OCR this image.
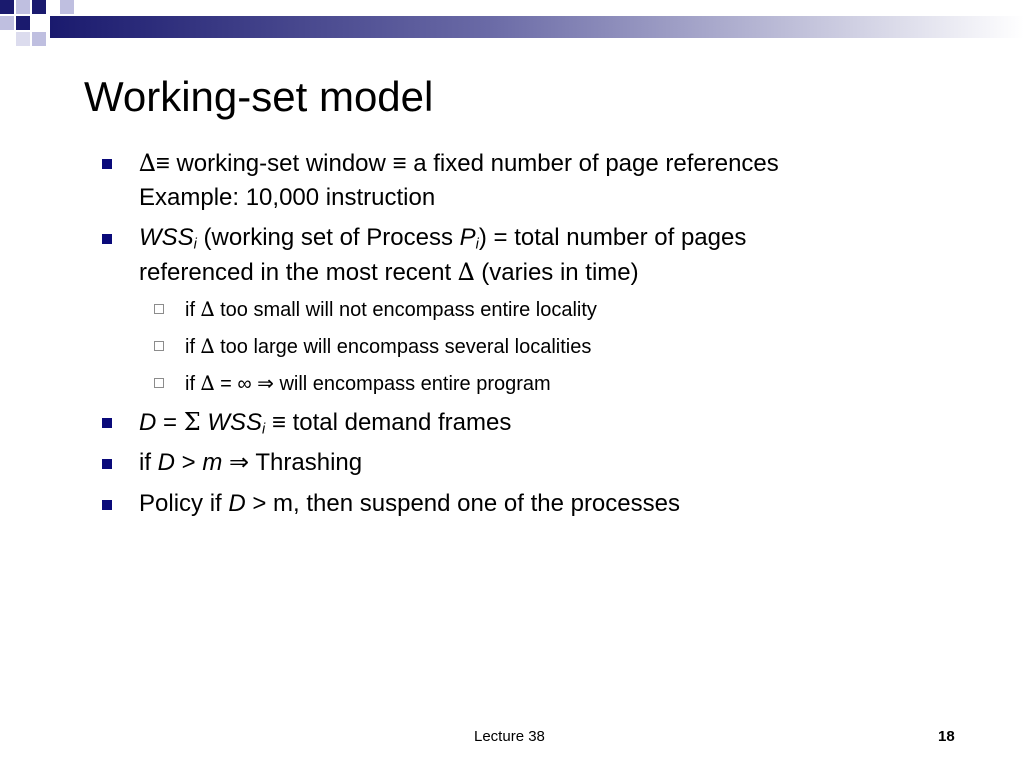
Working-set model
∆≡ working-set window ≡ a fixed number of page references
Example: 10,000 instruction
$WSS_i$ (working set of Process $P_i$) = total number of pages
referenced in the most recent ∆ (varies in time)
if ∆ too small will not encompass entire locality
if ∆ too large will encompass several localities
if ∆ = ∞ ⇒ will encompass entire program
D = Σ $WSS_i$ ≡ total demand frames
if D > m ⇒ Thrashing
Policy if D > m, then suspend one of the processes
Lecture 38	18
